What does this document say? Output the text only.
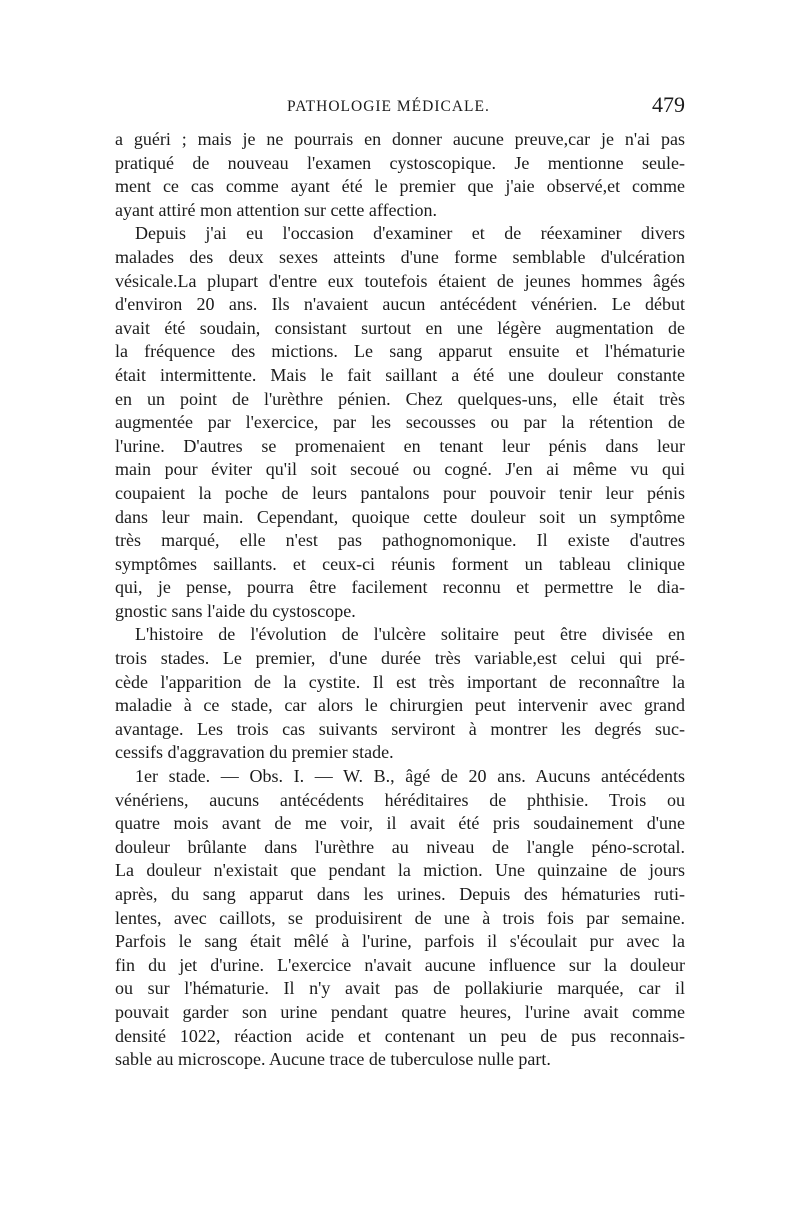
PATHOLOGIE MÉDICALE.	479
a guéri ; mais je ne pourrais en donner aucune preuve,car je n'ai pas
pratiqué de nouveau l'examen cystoscopique. Je mentionne seule-
ment ce cas comme ayant été le premier que j'aie observé,et comme
ayant attiré mon attention sur cette affection.
Depuis j'ai eu l'occasion d'examiner et de réexaminer divers
malades des deux sexes atteints d'une forme semblable d'ulcération
vésicale.La plupart d'entre eux toutefois étaient de jeunes hommes âgés
d'environ 20 ans. Ils n'avaient aucun antécédent vénérien. Le début
avait été soudain, consistant surtout en une légère augmentation de
la fréquence des mictions. Le sang apparut ensuite et l'hématurie
était intermittente. Mais le fait saillant a été une douleur constante
en un point de l'urèthre pénien. Chez quelques-uns, elle était très
augmentée par l'exercice, par les secousses ou par la rétention de
l'urine. D'autres se promenaient en tenant leur pénis dans leur
main pour éviter qu'il soit secoué ou cogné. J'en ai même vu qui
coupaient la poche de leurs pantalons pour pouvoir tenir leur pénis
dans leur main. Cependant, quoique cette douleur soit un symptôme
très marqué, elle n'est pas pathognomonique. Il existe d'autres
symptômes saillants. et ceux-ci réunis forment un tableau clinique
qui, je pense, pourra être facilement reconnu et permettre le dia-
gnostic sans l'aide du cystoscope.
L'histoire de l'évolution de l'ulcère solitaire peut être divisée en
trois stades. Le premier, d'une durée très variable,est celui qui pré-
cède l'apparition de la cystite. Il est très important de reconnaître la
maladie à ce stade, car alors le chirurgien peut intervenir avec grand
avantage. Les trois cas suivants serviront à montrer les degrés suc-
cessifs d'aggravation du premier stade.
1er stade. — Obs. I. — W. B., âgé de 20 ans. Aucuns antécédents
vénériens, aucuns antécédents héréditaires de phthisie. Trois ou
quatre mois avant de me voir, il avait été pris soudainement d'une
douleur brûlante dans l'urèthre au niveau de l'angle péno-scrotal.
La douleur n'existait que pendant la miction. Une quinzaine de jours
après, du sang apparut dans les urines. Depuis des hématuries ruti-
lentes, avec caillots, se produisirent de une à trois fois par semaine.
Parfois le sang était mêlé à l'urine, parfois il s'écoulait pur avec la
fin du jet d'urine. L'exercice n'avait aucune influence sur la douleur
ou sur l'hématurie. Il n'y avait pas de pollakiurie marquée, car il
pouvait garder son urine pendant quatre heures, l'urine avait comme
densité 1022, réaction acide et contenant un peu de pus reconnais-
sable au microscope. Aucune trace de tuberculose nulle part.
